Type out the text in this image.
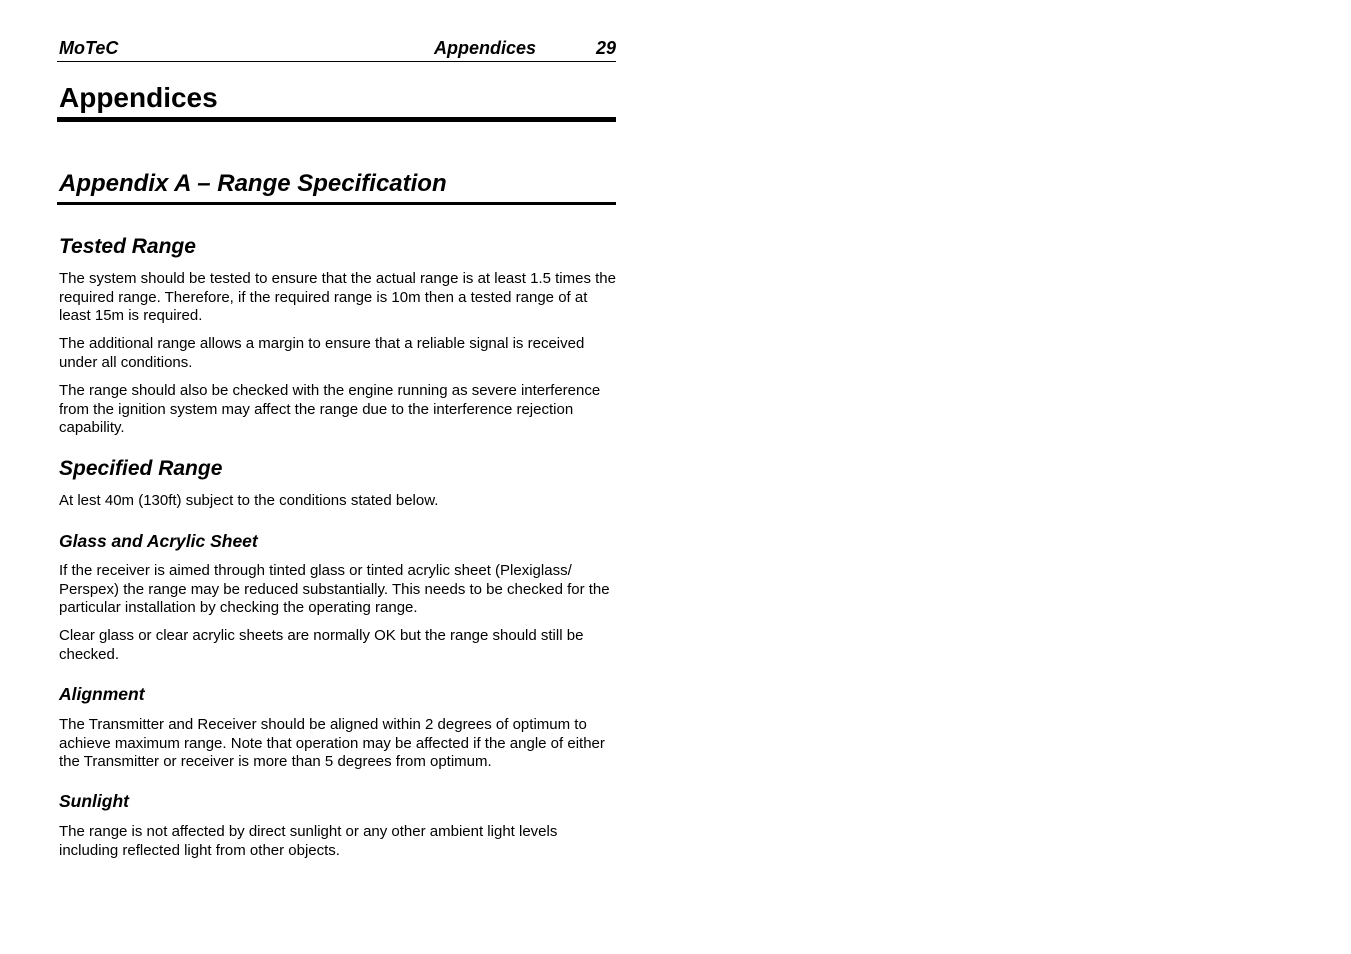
MoTeC	Appendices	29
Appendices
Appendix A – Range Specification
Tested Range

The system should be tested to ensure that the actual range is at least 1.5 times the required range. Therefore, if the required range is 10m then a tested range of at least 15m is required.

The additional range allows a margin to ensure that a reliable signal is received under all conditions.

The range should also be checked with the engine running as severe interference from the ignition system may affect the range due to the interference rejection capability.

Specified Range

At lest 40m (130ft) subject to the conditions stated below.

Glass and Acrylic Sheet

If the receiver is aimed through tinted glass or tinted acrylic sheet (Plexiglass/ Perspex) the range may be reduced substantially. This needs to be checked for the particular installation by checking the operating range.

Clear glass or clear acrylic sheets are normally OK but the range should still be checked.

Alignment

The Transmitter and Receiver should be aligned within 2 degrees of optimum to achieve maximum range. Note that operation may be affected if the angle of either the Transmitter or receiver is more than 5 degrees from optimum.

Sunlight

The range is not affected by direct sunlight or any other ambient light levels including reflected light from other objects.
